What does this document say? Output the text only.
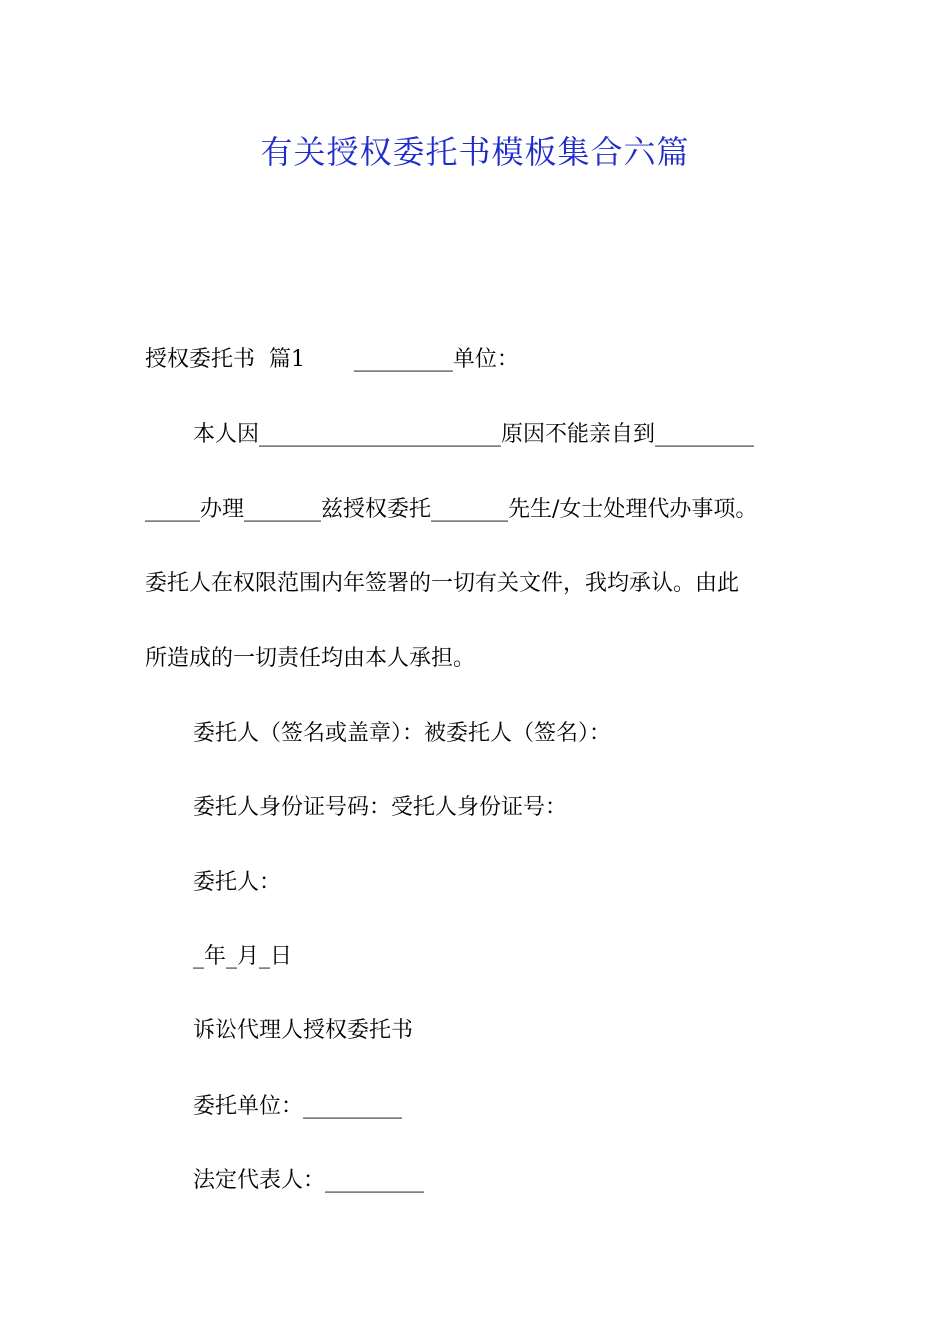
有关授权委托书模板集合六篇
授权委托书  篇1       _________单位：
本人因______________________原因不能亲自到_________
_____办理_______兹授权委托_______先生/女士处理代办事项。
委托人在权限范围内年签署的一切有关文件，我均承认。由此
所造成的一切责任均由本人承担。
委托人（签名或盖章）：被委托人（签名）：
委托人身份证号码：受托人身份证号：
委托人：
_年_月_日
诉讼代理人授权委托书
委托单位：_________
法定代表人：_________
